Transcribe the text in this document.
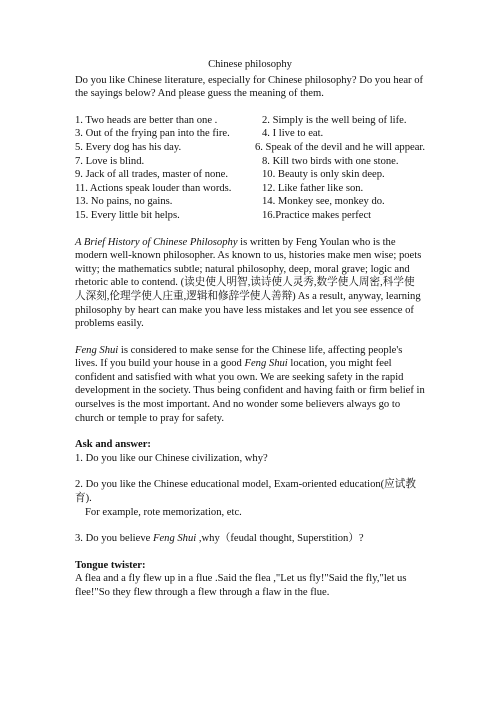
Chinese philosophy

Do you like Chinese literature, especially for Chinese philosophy? Do you hear of the sayings below? And please guess the meaning of them.

1. Two heads are better than one .	2. Simply is the well being of life.
3. Out of the frying pan into the fire.	4. I live to eat.
5. Every dog has his day.	6. Speak of the devil and he will appear.
7. Love is blind.	8. Kill two birds with one stone.
9. Jack of all trades, master of none.	10. Beauty is only skin deep.
11. Actions speak louder than words.	12. Like father like son.
13. No pains, no gains.	14. Monkey see, monkey do.
15. Every little bit helps.	16.Practice makes perfect

A Brief History of Chinese Philosophy is written by Feng Youlan who is the modern well-known philosopher. As known to us, histories make men wise; poets witty; the mathematics subtle; natural philosophy, deep, moral grave; logic and rhetoric able to contend. (读史使人明智,读诗使人灵秀,数学使人周密,科学使人深刻,伦理学使人庄重,逻辑和修辞学使人善辩) As a result, anyway, learning philosophy by heart can make you have less mistakes and let you see essence of problems easily.

Feng Shui is considered to make sense for the Chinese life, affecting people's lives. If you build your house in a good Feng Shui location, you might feel confident and satisfied with what you own. We are seeking safety in the rapid development in the society. Thus being confident and having faith or firm belief in ourselves is the most important. And no wonder some believers always go to church or temple to pray for safety.

Ask and answer:

1. Do you like our Chinese civilization, why?

2. Do you like the Chinese educational model, Exam-oriented education(应试教育).

For example, rote memorization, etc.

3. Do you believe Feng Shui ,why（feudal thought, Superstition）?

Tongue twister:

A flea and a fly flew up in a flue .Said the flea ,"Let us fly!"Said the fly,"let us flee!"So they flew through a flew through a flaw in the flue.
